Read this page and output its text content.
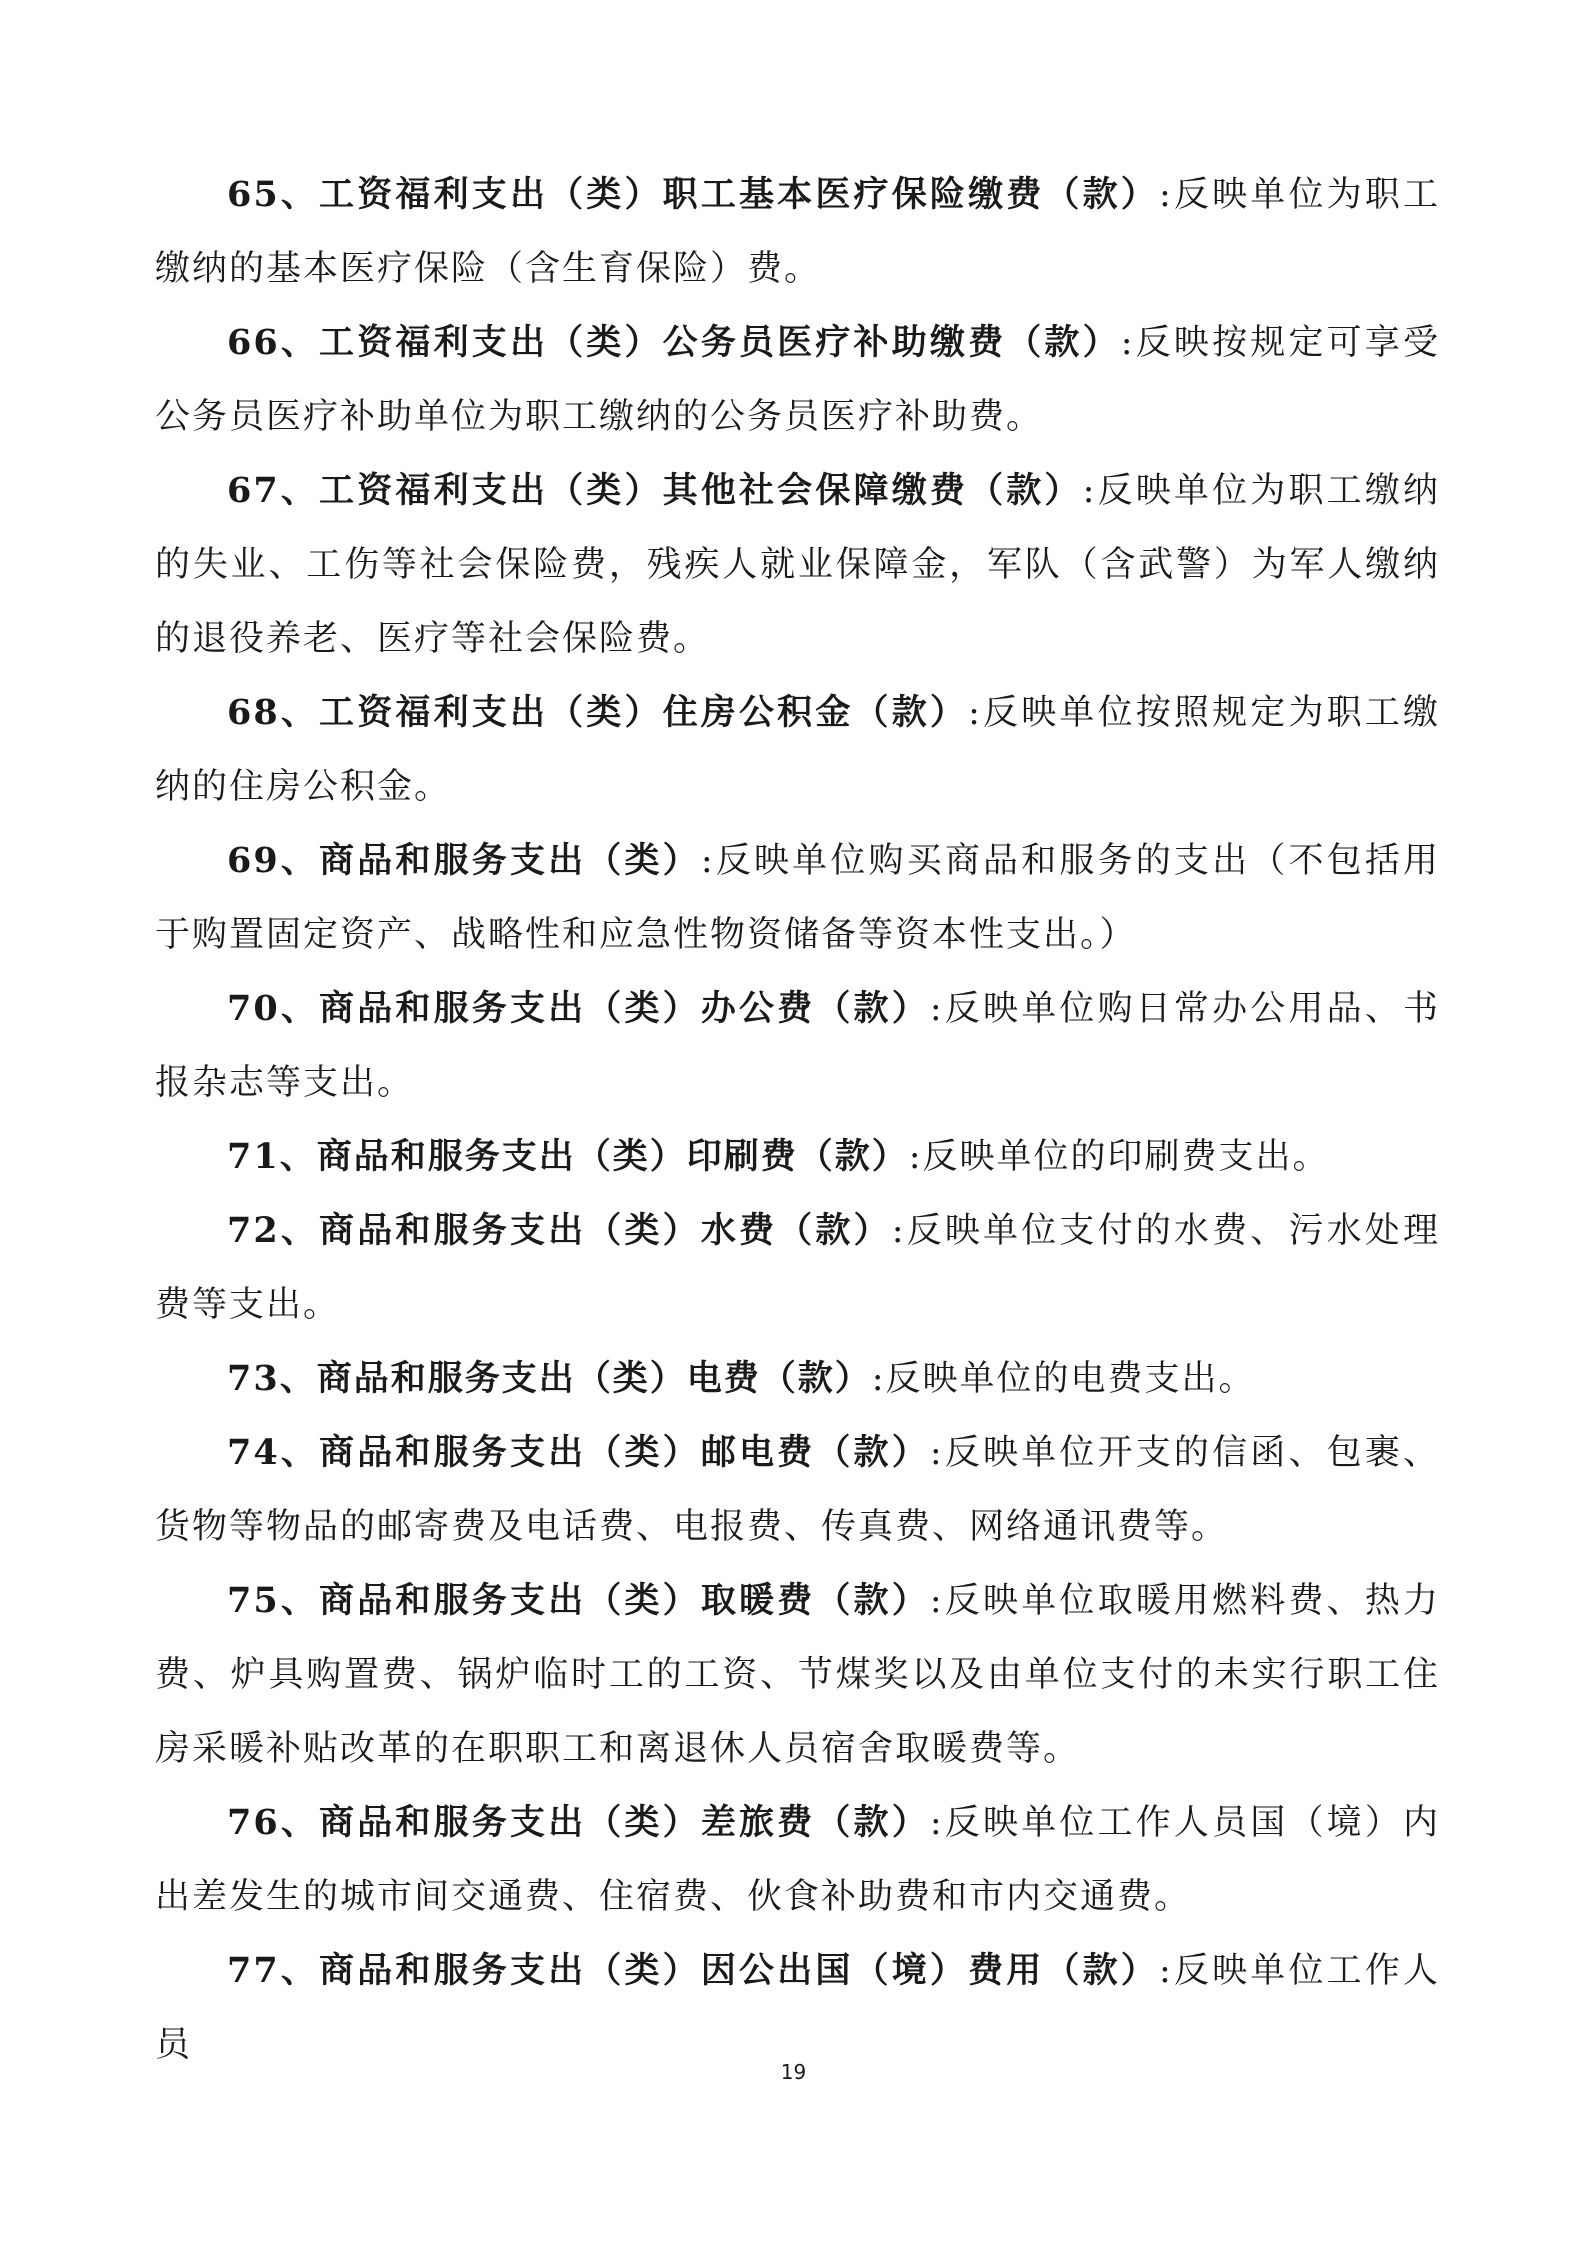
65、工资福利支出（类）职工基本医疗保险缴费（款）:反映单位为职工缴纳的基本医疗保险（含生育保险）费。

66、工资福利支出（类）公务员医疗补助缴费（款）:反映按规定可享受公务员医疗补助单位为职工缴纳的公务员医疗补助费。

67、工资福利支出（类）其他社会保障缴费（款）:反映单位为职工缴纳的失业、工伤等社会保险费，残疾人就业保障金，军队（含武警）为军人缴纳的退役养老、医疗等社会保险费。

68、工资福利支出（类）住房公积金（款）:反映单位按照规定为职工缴纳的住房公积金。

69、商品和服务支出（类）:反映单位购买商品和服务的支出（不包括用于购置固定资产、战略性和应急性物资储备等资本性支出。）

70、商品和服务支出（类）办公费（款）:反映单位购日常办公用品、书报杂志等支出。

71、商品和服务支出（类）印刷费（款）:反映单位的印刷费支出。

72、商品和服务支出（类）水费（款）:反映单位支付的水费、污水处理费等支出。

73、商品和服务支出（类）电费（款）:反映单位的电费支出。

74、商品和服务支出（类）邮电费（款）:反映单位开支的信函、包裹、货物等物品的邮寄费及电话费、电报费、传真费、网络通讯费等。

75、商品和服务支出（类）取暖费（款）:反映单位取暖用燃料费、热力费、炉具购置费、锅炉临时工的工资、节煤奖以及由单位支付的未实行职工住房采暖补贴改革的在职职工和离退休人员宿舍取暖费等。

76、商品和服务支出（类）差旅费（款）:反映单位工作人员国（境）内出差发生的城市间交通费、住宿费、伙食补助费和市内交通费。

77、商品和服务支出（类）因公出国（境）费用（款）:反映单位工作人员

19
